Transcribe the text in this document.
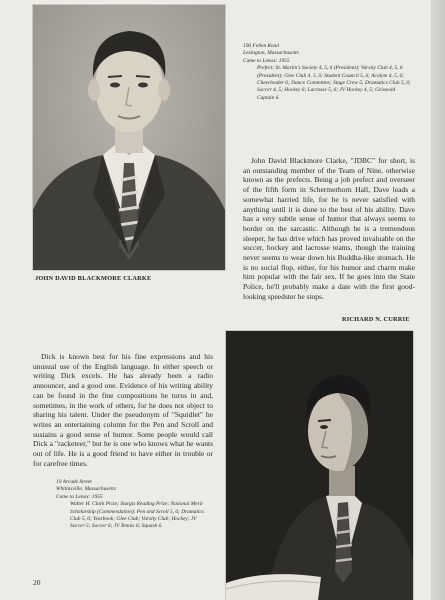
JOHN DAVID BLACKMORE CLARKE
196 Fellen Road
Lexington, Massachusetts
Came to Lenox: 1955
Prefect; St. Martin's Society 4, 5, 6 (President); Varsity Club 4, 5, 6 (President); Glee Club 4, 5, 6; Student Council 5, 6; Acolyte 4, 5, 6; Cheerleader 6; Dance Committee; Stage Crew 5; Dramatics Club 5, 6; Soccer 4, 5; Hockey 6; Lacrosse 5, 6; JV Hockey 4, 5; Griswold Captain 6.
John David Blackmore Clarke, "JDBC" for short, is an outstanding member of the Team of Nine, otherwise known as the prefects. Being a job prefect and overseer of the fifth form in Schermerhorn Hall, Dave leads a somewhat harried life, for he is never satisfied with anything until it is done to the best of his ability. Dave has a very subtle sense of humor that always seems to border on the sarcastic. Although he is a tremendous sleeper, he has drive which has proved invaluable on the soccer, hockey and lacrosse teams, though the training never seems to wear down his Buddha-like stomach. He is no social flop, either, for his humor and charm make him popular with the fair sex. If he goes into the State Police, he'll probably make a date with the first good-looking speedster he stops.
RICHARD N. CURRIE
Dick is known best for his fine expressions and his unusual use of the English language. In either speech or writing Dick excels. He has already been a radio announcer, and a good one. Evidence of his writing ability can be found in the fine compositions he turns in and, sometimes, in the work of others, for he does not object to sharing his talent. Under the pseudonym of "Squidlet" he writes an entertaining column for the Pen and Scroll and sustains a good sense of humor. Some people would call Dick a "racketeer," but he is one who knows what he wants out of life. He is a good friend to have either in trouble or for carefree times.
19 Arcade Street
Whitinsville, Massachusetts
Came to Lenox: 1955
Walter H. Clark Prize; Sturgis Reading Prize; National Merit Scholarship (Commendation); Pen and Scroll 5, 6; Dramatics Club 5, 6; Yearbook; Glee Club; Varsity Club; Hockey; JV Soccer 5; Soccer 6; JV Tennis 6; Squash 6.
20
